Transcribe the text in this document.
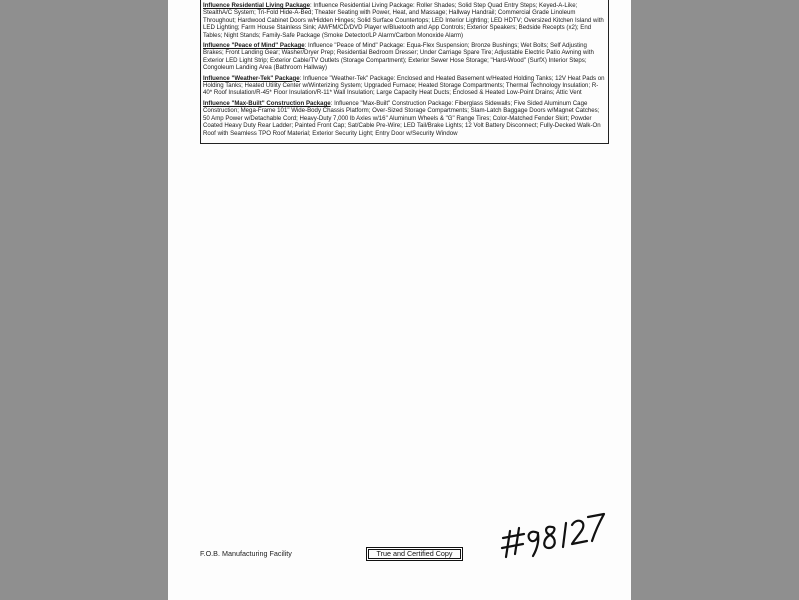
Influence Residential Living Package: Influence Residential Living Package: Roller Shades; Solid Step Quad Entry Steps; Keyed-A-Like; StealthA/C System; Tri-Fold Hide-A-Bed; Theater Seating with Power, Heat, and Massage; Hallway Handrail; Commercial Grade Linoleum Throughout; Hardwood Cabinet Doors w/Hidden Hinges; Solid Surface Countertops; LED Interior Lighting; LED HDTV; Oversized Kitchen Island with LED Lighting; Farm House Stainless Sink; AM/FM/CD/DVD Player w/Bluetooth and App Controls; Exterior Speakers; Bedside Recepts (x2); End Tables; Night Stands; Family-Safe Package (Smoke Detector/LP Alarm/Carbon Monoxide Alarm)

Influence "Peace of Mind" Package: Influence "Peace of Mind" Package: Equa-Flex Suspension; Bronze Bushings; Wet Bolts; Self Adjusting Brakes; Front Landing Gear; Washer/Dryer Prep; Residential Bedroom Dresser; Under Carriage Spare Tire; Adjustable Electric Patio Awning with Exterior LED Light Strip; Exterior Cable/TV Outlets (Storage Compartment); Exterior Sewer Hose Storage; "Hard-Wood" (SurfX) Interior Steps; Congoleum Landing Area (Bathroom Hallway)

Influence "Weather-Tek" Package: Influence "Weather-Tek" Package: Enclosed and Heated Basement w/Heated Holding Tanks; 12V Heat Pads on Holding Tanks; Heated Utility Center w/Winterizing System; Upgraded Furnace; Heated Storage Compartments; Thermal Technology Insulation; R-40* Roof Insulation/R-45* Floor Insulation/R-11* Wall Insulation; Large Capacity Heat Ducts; Enclosed & Heated Low-Point Drains; Attic Vent

Influence "Max-Built" Construction Package: Influence "Max-Built" Construction Package: Fiberglass Sidewalls; Five Sided Aluminum Cage Construction; Mega-Frame 101" Wide-Body Chassis Platform; Over-Sized Storage Compartments; Slam-Latch Baggage Doors w/Magnet Catches; 50 Amp Power w/Detachable Cord; Heavy-Duty 7,000 lb Axles w/16" Aluminum Wheels & "G" Range Tires; Color-Matched Fender Skirt; Powder Coated Heavy Duty Rear Ladder; Painted Front Cap; Sat/Cable Pre-Wire; LED Tail/Brake Lights; 12 Volt Battery Disconnect; Fully-Decked Walk-On Roof with Seamless TPO Roof Material; Exterior Security Light; Entry Door w/Security Window

F.O.B. Manufacturing Facility	True and Certified Copy
